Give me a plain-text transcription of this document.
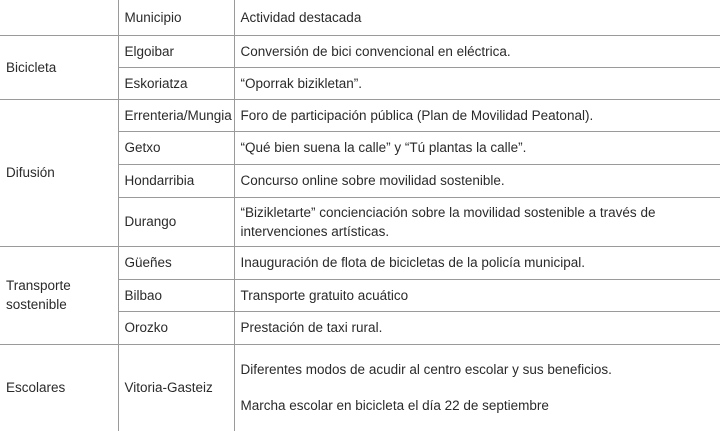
	Municipio	Actividad destacada
Bicicleta	Elgoibar	Conversión de bici convencional en eléctrica.
	Eskoriatza	“Oporrak bizikletan”.
Difusión	Errenteria/Mungia	Foro de participación pública (Plan de Movilidad Peatonal).
	Getxo	“Qué bien suena la calle” y “Tú plantas la calle”.
	Hondarribia	Concurso online sobre movilidad sostenible.
	Durango	“Bizikletarte” concienciación sobre la movilidad sostenible a través de intervenciones artísticas.
Transporte sostenible	Güeñes	Inauguración de flota de bicicletas de la policía municipal.
	Bilbao	Transporte gratuito acuático
	Orozko	Prestación de taxi rural.
Escolares	Vitoria-Gasteiz	Diferentes modos de acudir al centro escolar y sus beneficios.

Marcha escolar en bicicleta el día 22 de septiembre
